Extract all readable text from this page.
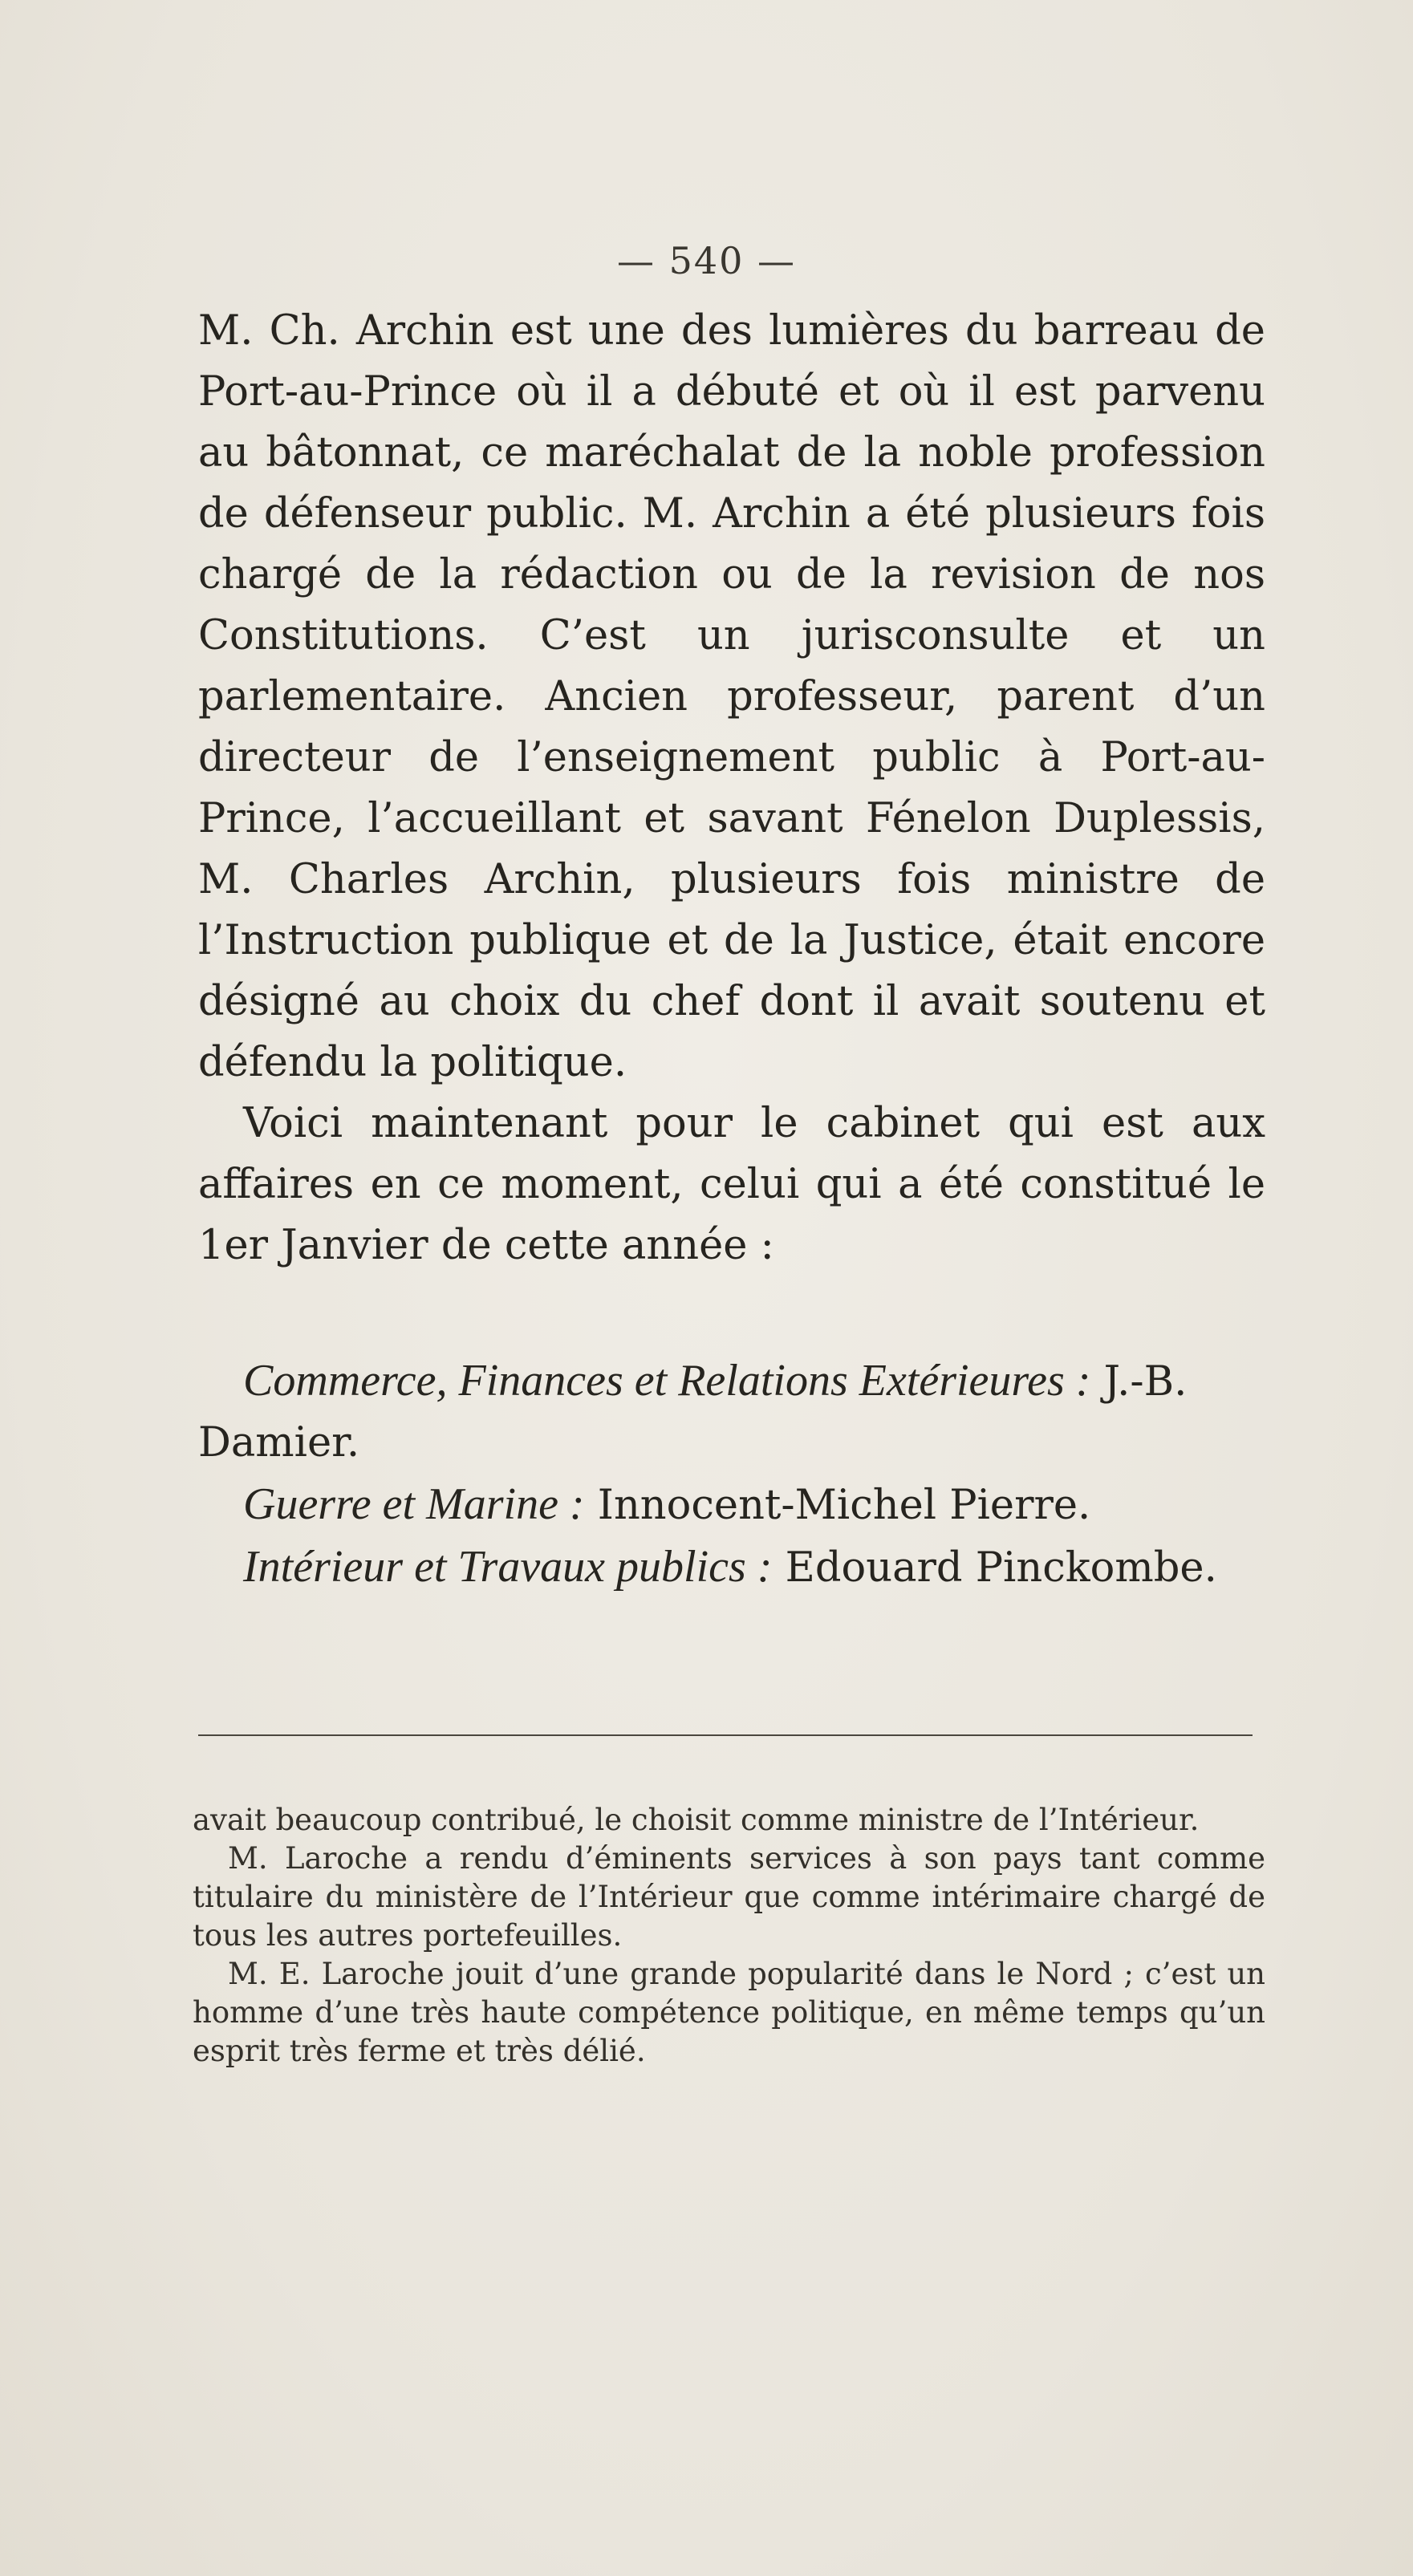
— 540 —

M. Ch. Archin est une des lumières du barreau de Port-au-Prince où il a débuté et où il est parvenu au bâtonnat, ce maréchalat de la noble profession de défenseur public. M. Archin a été plusieurs fois chargé de la rédaction ou de la revision de nos Constitutions. C’est un jurisconsulte et un parlementaire. Ancien professeur, parent d’un directeur de l’enseignement public à Port-au-Prince, l’accueillant et savant Fénelon Duplessis, M. Charles Archin, plusieurs fois ministre de l’Instruction publique et de la Justice, était encore désigné au choix du chef dont il avait soutenu et défendu la politique.

Voici maintenant pour le cabinet qui est aux affaires en ce moment, celui qui a été constitué le 1er Janvier de cette année :

Commerce, Finances et Relations Extérieures : J.-B. Damier.

Guerre et Marine : Innocent-Michel Pierre.

Intérieur et Travaux publics : Edouard Pinckombe.

avait beaucoup contribué, le choisit comme ministre de l’Intérieur.

M. Laroche a rendu d’éminents services à son pays tant comme titulaire du ministère de l’Intérieur que comme intérimaire chargé de tous les autres portefeuilles.

M. E. Laroche jouit d’une grande popularité dans le Nord ; c’est un homme d’une très haute compétence politique, en même temps qu’un esprit très ferme et très délié.
